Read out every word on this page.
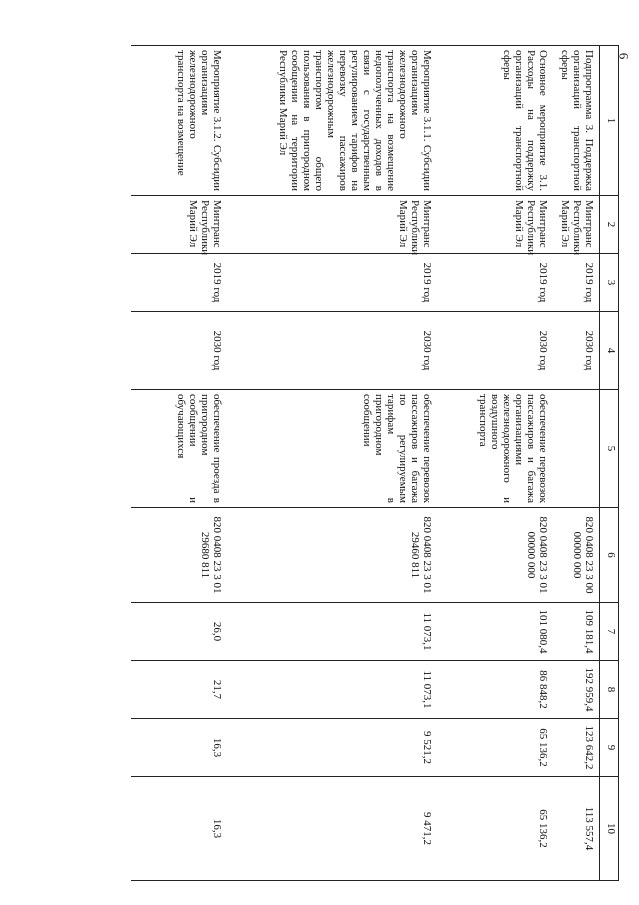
6
1	2	3	4	5	6	7	8	9	10
Подпрограмма 3. Поддержка организаций транспортной сферы	Минтранс Республики Марий Эл	2019 год	2030 год		820 0408 23 3 00 00000 000	109 181,4	192 959,4	123 642,2	113 557,4
Основное мероприятие 3.1. Расходы на поддержку организаций транспортной сферы	Минтранс Республики Марий Эл	2019 год	2030 год	обеспечение перевозок пассажиров и багажа организациями железнодорожного и воздушного транспорта	820 0408 23 3 01 00000 000	101 080,4	86 848,2	65 136,2	65 136,2
Мероприятие 3.1.1. Субсидии организациям железнодорожного транспорта на возмещение недополученных доходов в связи с государственным регулированием тарифов на перевозку пассажиров железнодорожным транспортом общего пользования в пригородном сообщении на территории Республики Марий Эл	Минтранс Республики Марий Эл	2019 год	2030 год	обеспечение перевозок пассажиров и багажа по регулируемым тарифам в пригородном сообщении	820 0408 23 3 01 29460 811	11 073,1	11 073,1	9 521,2	9 471,2
Мероприятие 3.1.2. Субсидии организациям железнодорожного транспорта на возмещение	Минтранс Республики Марий Эл	2019 год	2030 год	обеспечение проезда в пригородном сообщении и обучающихся	820 0408 23 3 01 29680 811	26,0	21,7	16,3	16,3
